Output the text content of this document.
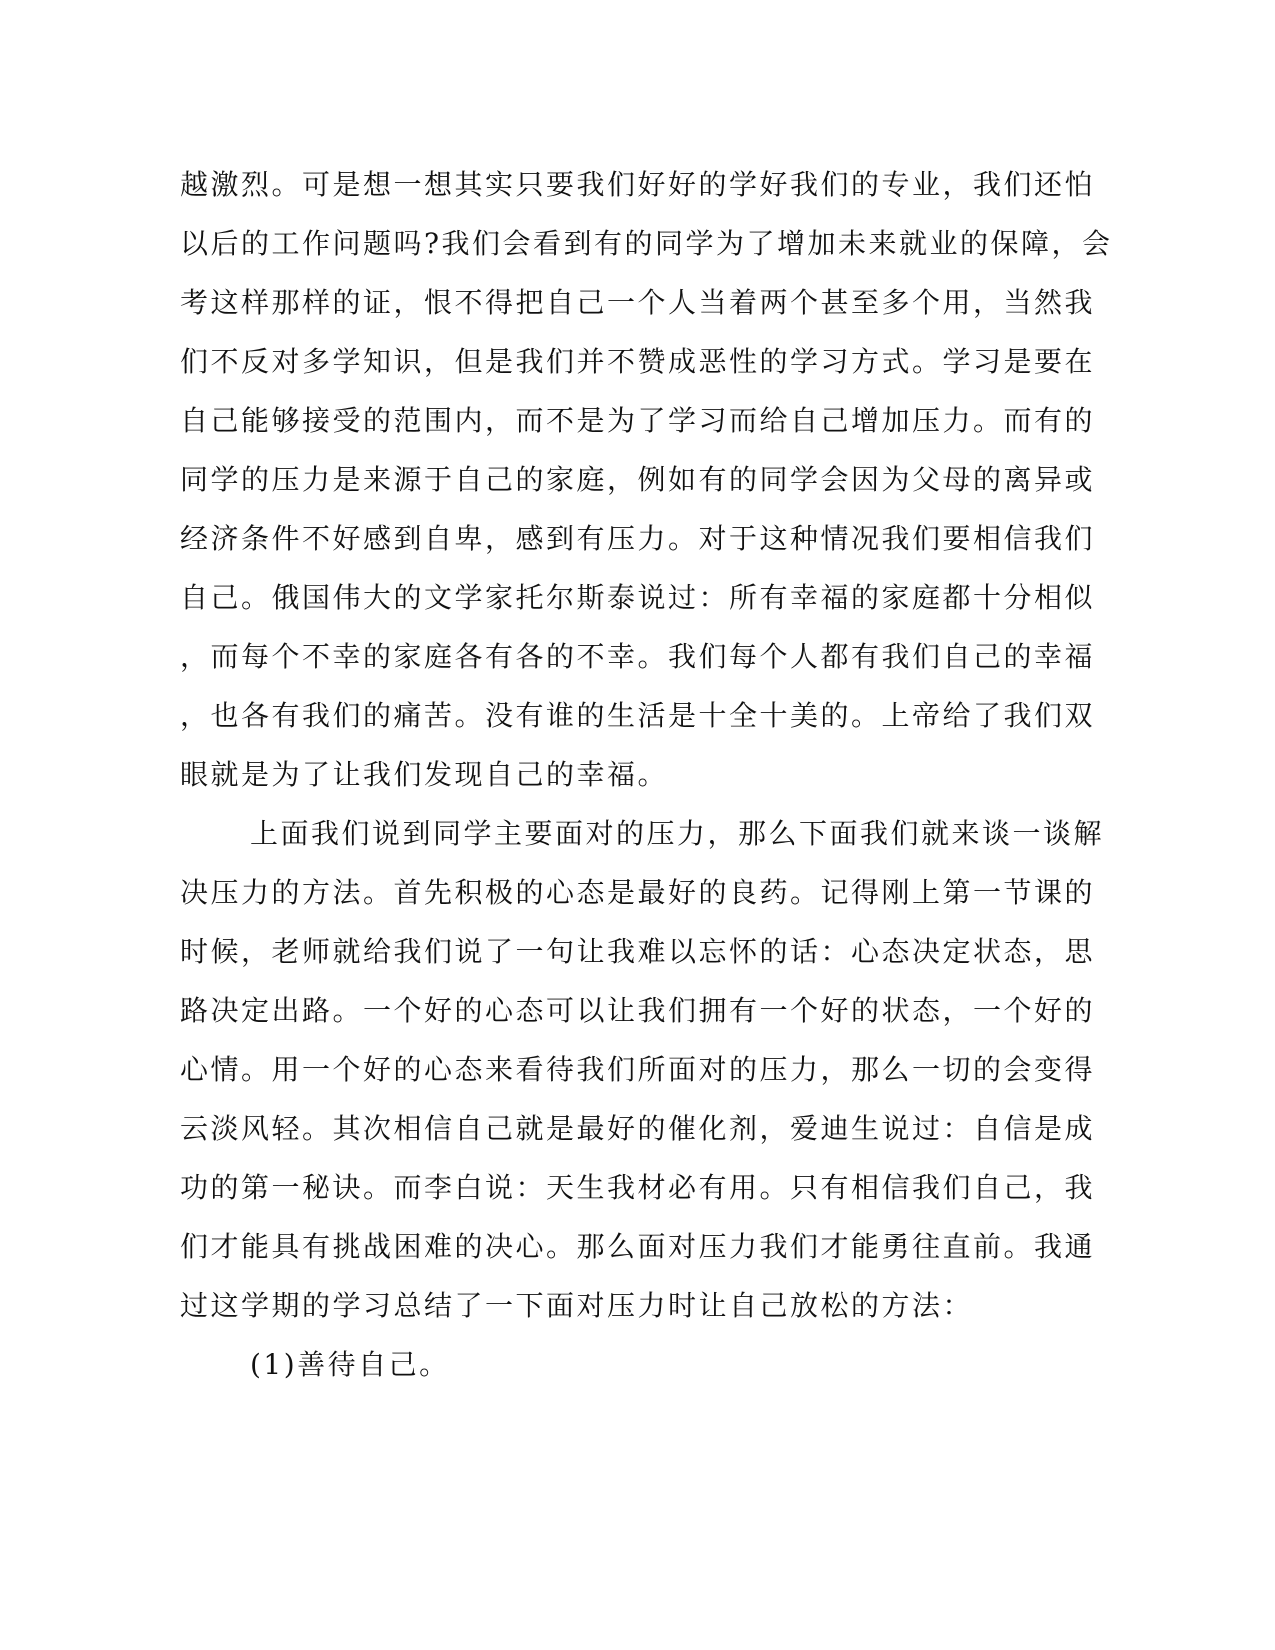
越激烈。可是想一想其实只要我们好好的学好我们的专业，我们还怕
以后的工作问题吗?我们会看到有的同学为了增加未来就业的保障，会
考这样那样的证，恨不得把自己一个人当着两个甚至多个用，当然我
们不反对多学知识，但是我们并不赞成恶性的学习方式。学习是要在
自己能够接受的范围内，而不是为了学习而给自己增加压力。而有的
同学的压力是来源于自己的家庭，例如有的同学会因为父母的离异或
经济条件不好感到自卑，感到有压力。对于这种情况我们要相信我们
自己。俄国伟大的文学家托尔斯泰说过：所有幸福的家庭都十分相似
，而每个不幸的家庭各有各的不幸。我们每个人都有我们自己的幸福
，也各有我们的痛苦。没有谁的生活是十全十美的。上帝给了我们双
眼就是为了让我们发现自己的幸福。
上面我们说到同学主要面对的压力，那么下面我们就来谈一谈解
决压力的方法。首先积极的心态是最好的良药。记得刚上第一节课的
时候，老师就给我们说了一句让我难以忘怀的话：心态决定状态，思
路决定出路。一个好的心态可以让我们拥有一个好的状态，一个好的
心情。用一个好的心态来看待我们所面对的压力，那么一切的会变得
云淡风轻。其次相信自己就是最好的催化剂，爱迪生说过：自信是成
功的第一秘诀。而李白说：天生我材必有用。只有相信我们自己，我
们才能具有挑战困难的决心。那么面对压力我们才能勇往直前。我通
过这学期的学习总结了一下面对压力时让自己放松的方法：
(1)善待自己。
